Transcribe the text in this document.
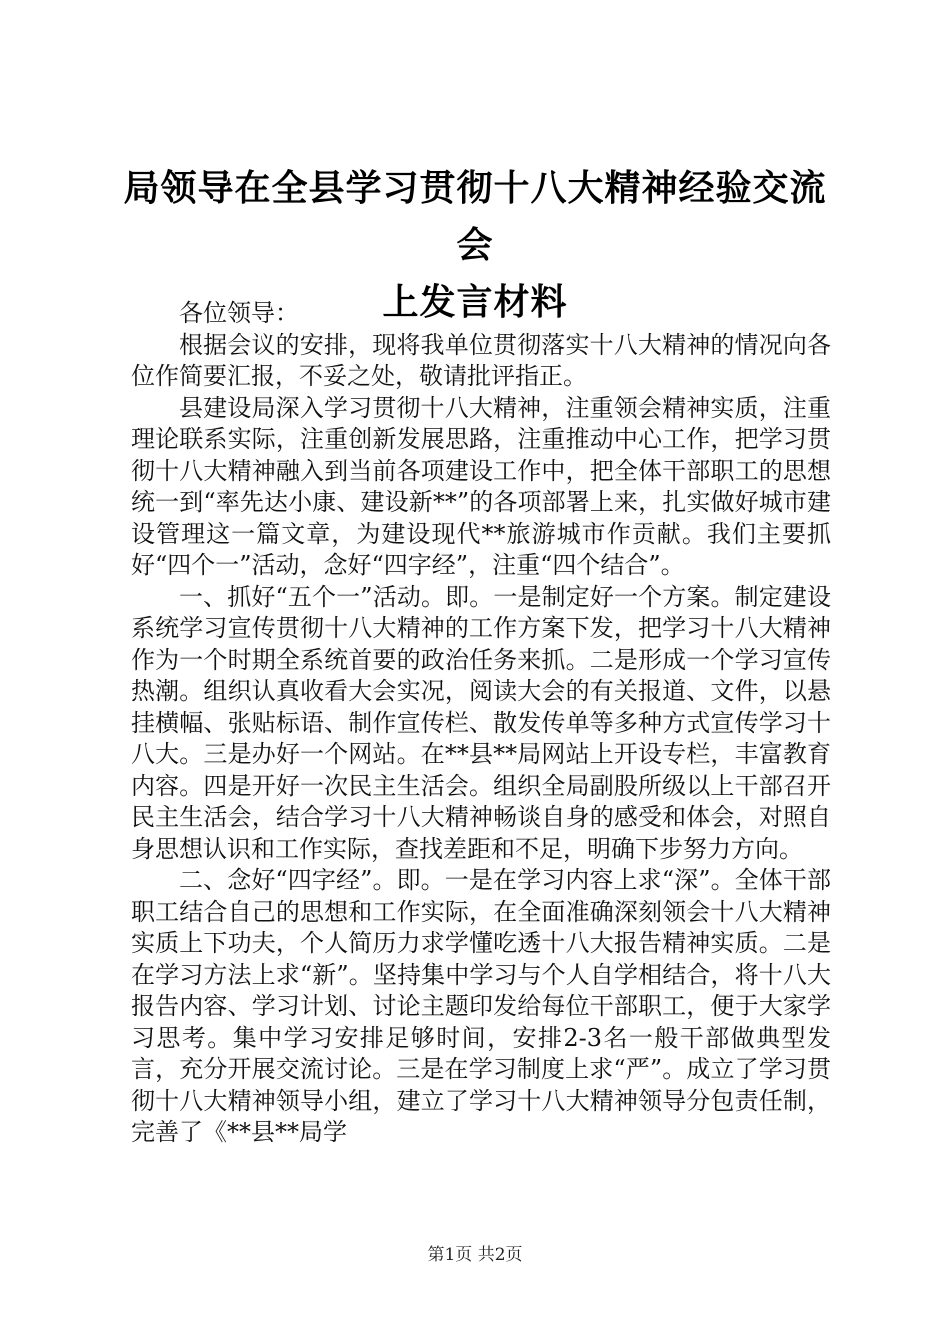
局领导在全县学习贯彻十八大精神经验交流会
上发言材料

各位领导：

根据会议的安排，现将我单位贯彻落实十八大精神的情况向各位作简要汇报，不妥之处，敬请批评指正。

县建设局深入学习贯彻十八大精神，注重领会精神实质，注重理论联系实际，注重创新发展思路，注重推动中心工作，把学习贯彻十八大精神融入到当前各项建设工作中，把全体干部职工的思想统一到“率先达小康、建设新**”的各项部署上来，扎实做好城市建设管理这一篇文章，为建设现代**旅游城市作贡献。我们主要抓好“四个一”活动，念好“四字经”，注重“四个结合”。

一、抓好“五个一”活动。即。一是制定好一个方案。制定建设系统学习宣传贯彻十八大精神的工作方案下发，把学习十八大精神作为一个时期全系统首要的政治任务来抓。二是形成一个学习宣传热潮。组织认真收看大会实况，阅读大会的有关报道、文件，以悬挂横幅、张贴标语、制作宣传栏、散发传单等多种方式宣传学习十八大。三是办好一个网站。在**县**局网站上开设专栏，丰富教育内容。四是开好一次民主生活会。组织全局副股所级以上干部召开民主生活会，结合学习十八大精神畅谈自身的感受和体会，对照自身思想认识和工作实际，查找差距和不足，明确下步努力方向。

二、念好“四字经”。即。一是在学习内容上求“深”。全体干部职工结合自己的思想和工作实际，在全面准确深刻领会十八大精神实质上下功夫，个人简历力求学懂吃透十八大报告精神实质。二是在学习方法上求“新”。坚持集中学习与个人自学相结合，将十八大报告内容、学习计划、讨论主题印发给每位干部职工，便于大家学习思考。集中学习安排足够时间，安排2-3名一般干部做典型发言，充分开展交流讨论。三是在学习制度上求“严”。成立了学习贯彻十八大精神领导小组，建立了学习十八大精神领导分包责任制，完善了《**县**局学

第1页 共2页
